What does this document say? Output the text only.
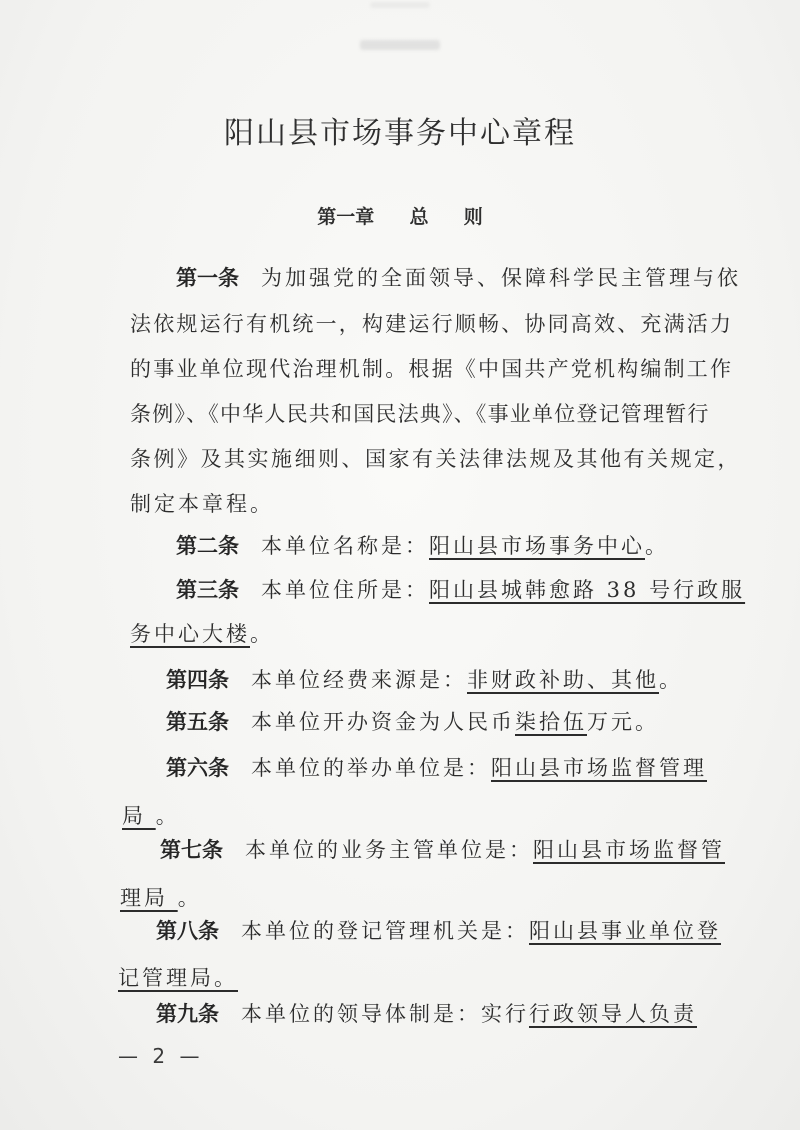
阳山县市场事务中心章程
第一章 总 则
第一条 为加强党的全面领导、保障科学民主管理与依
法依规运行有机统一，构建运行顺畅、协同高效、充满活力
的事业单位现代治理机制。根据《中国共产党机构编制工作
条例》、《中华人民共和国民法典》、《事业单位登记管理暂行
条例》及其实施细则、国家有关法律法规及其他有关规定，
制定本章程。
第二条 本单位名称是：阳山县市场事务中心。
第三条 本单位住所是：阳山县城韩愈路 38 号行政服
务中心大楼。
第四条 本单位经费来源是：非财政补助、其他。
第五条 本单位开办资金为人民币柒拾伍万元。
第六条 本单位的举办单位是：阳山县市场监督管理
局 。
第七条 本单位的业务主管单位是：阳山县市场监督管
理局 。
第八条 本单位的登记管理机关是：阳山县事业单位登
记管理局。
第九条 本单位的领导体制是：实行行政领导人负责
— 2 —
